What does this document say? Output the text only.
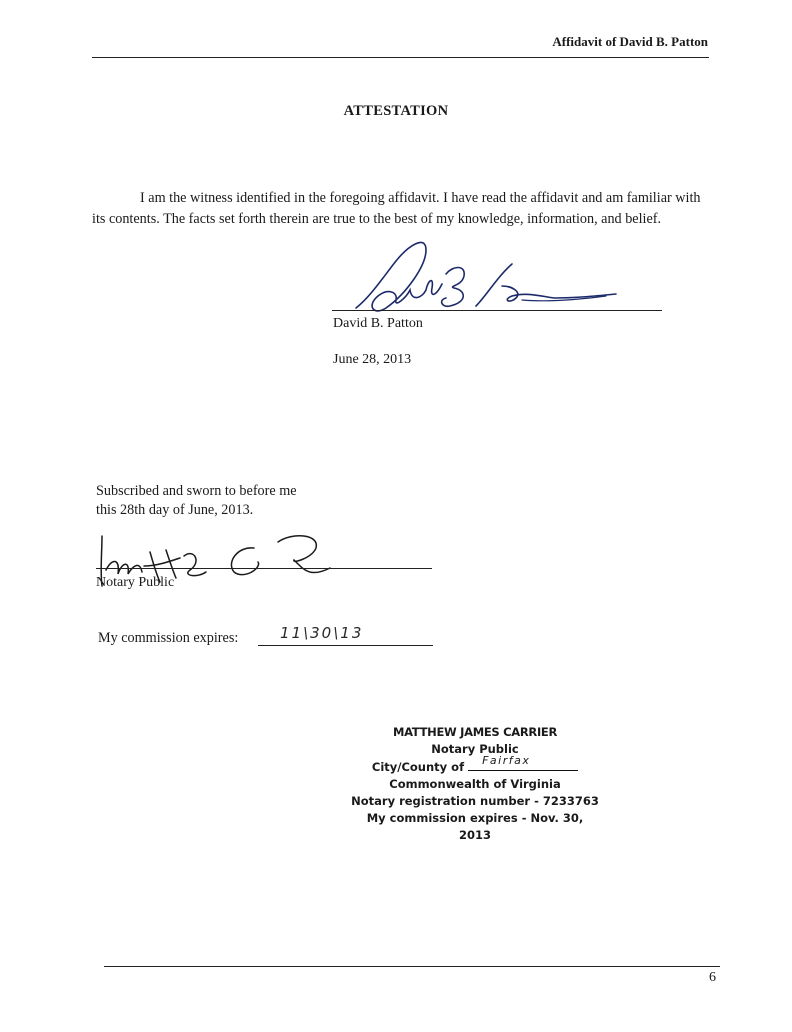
Affidavit of David B. Patton
ATTESTATION

I am the witness identified in the foregoing affidavit. I have read the affidavit and am familiar with its contents. The facts set forth therein are true to the best of my knowledge, information, and belief.

David B. Patton
June 28, 2013
Subscribed and sworn to before me
this 28th day of June, 2013.
Notary Public
My commission expires:	11\30\13
MATTHEW JAMES CARRIER
Notary Public
City/County of Fairfax
Commonwealth of Virginia
Notary registration number - 7233763
My commission expires - Nov. 30, 2013
6
